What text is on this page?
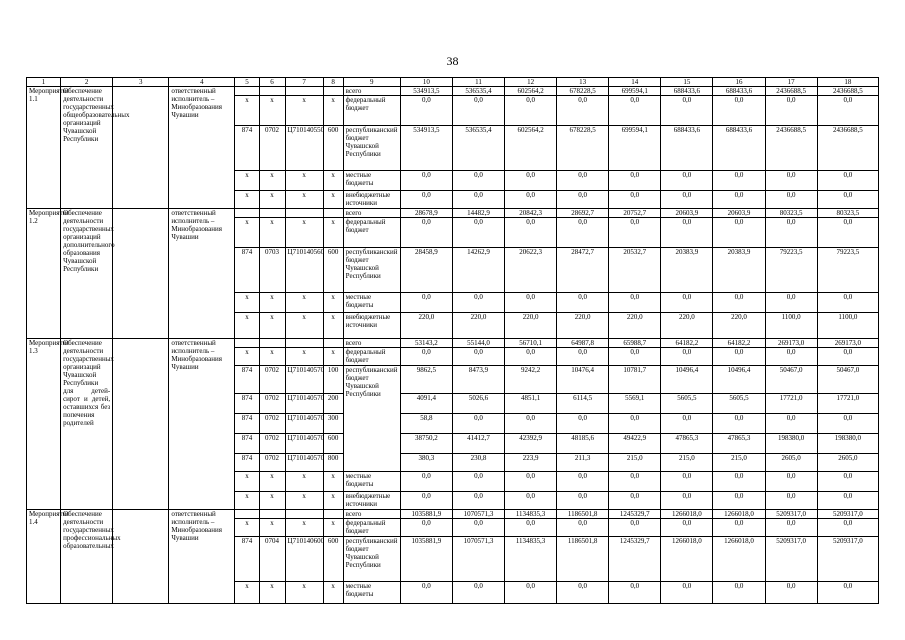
38
1	2	3	4	5	6	7	8	9	10	11	12	13	14	15	16	17	18
Мероприятие 1.1	Обеспечение деятельности государственных общеобразовательных организаций Чувашской Республики		ответственный исполнитель – Минобразования Чувашии					всего	534913,5	536535,4	602564,2	678228,5	699594,1	688433,6	688433,6	2436688,5	2436688,5
				x	x	x	x	федеральный бюджет	0,0	0,0	0,0	0,0	0,0	0,0	0,0	0,0	0,0
				874	0702	Ц710140550	600	республиканский бюджет Чувашской Республики	534913,5	536535,4	602564,2	678228,5	699594,1	688433,6	688433,6	2436688,5	2436688,5
				x	x	x	x	местные бюджеты	0,0	0,0	0,0	0,0	0,0	0,0	0,0	0,0	0,0
				x	x	x	x	внебюджетные источники	0,0	0,0	0,0	0,0	0,0	0,0	0,0	0,0	0,0
Мероприятие 1.2	Обеспечение деятельности государственных организаций дополнительного образования Чувашской Республики		ответственный исполнитель – Минобразования Чувашии					всего	28678,9	14482,9	20842,3	28692,7	20752,7	20603,9	20603,9	80323,5	80323,5
				x	x	x	x	федеральный бюджет	0,0	0,0	0,0	0,0	0,0	0,0	0,0	0,0	0,0
				874	0703	Ц710140560	600	республиканский бюджет Чувашской Республики	28458,9	14262,9	20622,3	28472,7	20532,7	20383,9	20383,9	79223,5	79223,5
				x	x	x	x	местные бюджеты	0,0	0,0	0,0	0,0	0,0	0,0	0,0	0,0	0,0
				x	x	x	x	внебюджетные источники	220,0	220,0	220,0	220,0	220,0	220,0	220,0	1100,0	1100,0
Мероприятие 1.3	Обеспечение деятельности государственных организаций Чувашской Республики для детей-сирот и детей, оставшихся без попечения родителей		ответственный исполнитель – Минобразования Чувашии					всего	53143,2	55144,0	56710,1	64987,8	65988,7	64182,2	64182,2	269173,0	269173,0
				x	x	x	x	федеральный бюджет	0,0	0,0	0,0	0,0	0,0	0,0	0,0	0,0	0,0
				874	0702	Ц710140570	100	республиканский бюджет Чувашской Республики	9862,5	8473,9	9242,2	10476,4	10781,7	10496,4	10496,4	50467,0	50467,0
				874	0702	Ц710140570	200		4091,4	5026,6	4851,1	6114,5	5569,1	5605,5	5605,5	17721,0	17721,0
				874	0702	Ц710140570	300		58,8	0,0	0,0	0,0	0,0	0,0	0,0	0,0	0,0
				874	0702	Ц710140570	600		38750,2	41412,7	42392,9	48185,6	49422,9	47865,3	47865,3	198380,0	198380,0
				874	0702	Ц710140570	800		380,3	230,8	223,9	211,3	215,0	215,0	215,0	2605,0	2605,0
				x	x	x	x	местные бюджеты	0,0	0,0	0,0	0,0	0,0	0,0	0,0	0,0	0,0
				x	x	x	x	внебюджетные источники	0,0	0,0	0,0	0,0	0,0	0,0	0,0	0,0	0,0
Мероприятие 1.4	Обеспечение деятельности государственных профессиональных образовательных		ответственный исполнитель – Минобразования Чувашии					всего	1035881,9	1070571,3	1134835,3	1186501,8	1245329,7	1266018,0	1266018,0	5209317,0	5209317,0
				x	x	x	x	федеральный бюджет	0,0	0,0	0,0	0,0	0,0	0,0	0,0	0,0	0,0
				874	0704	Ц710140600	600	республиканский бюджет Чувашской Республики	1035881,9	1070571,3	1134835,3	1186501,8	1245329,7	1266018,0	1266018,0	5209317,0	5209317,0
				x	x	x	x	местные бюджеты	0,0	0,0	0,0	0,0	0,0	0,0	0,0	0,0	0,0
